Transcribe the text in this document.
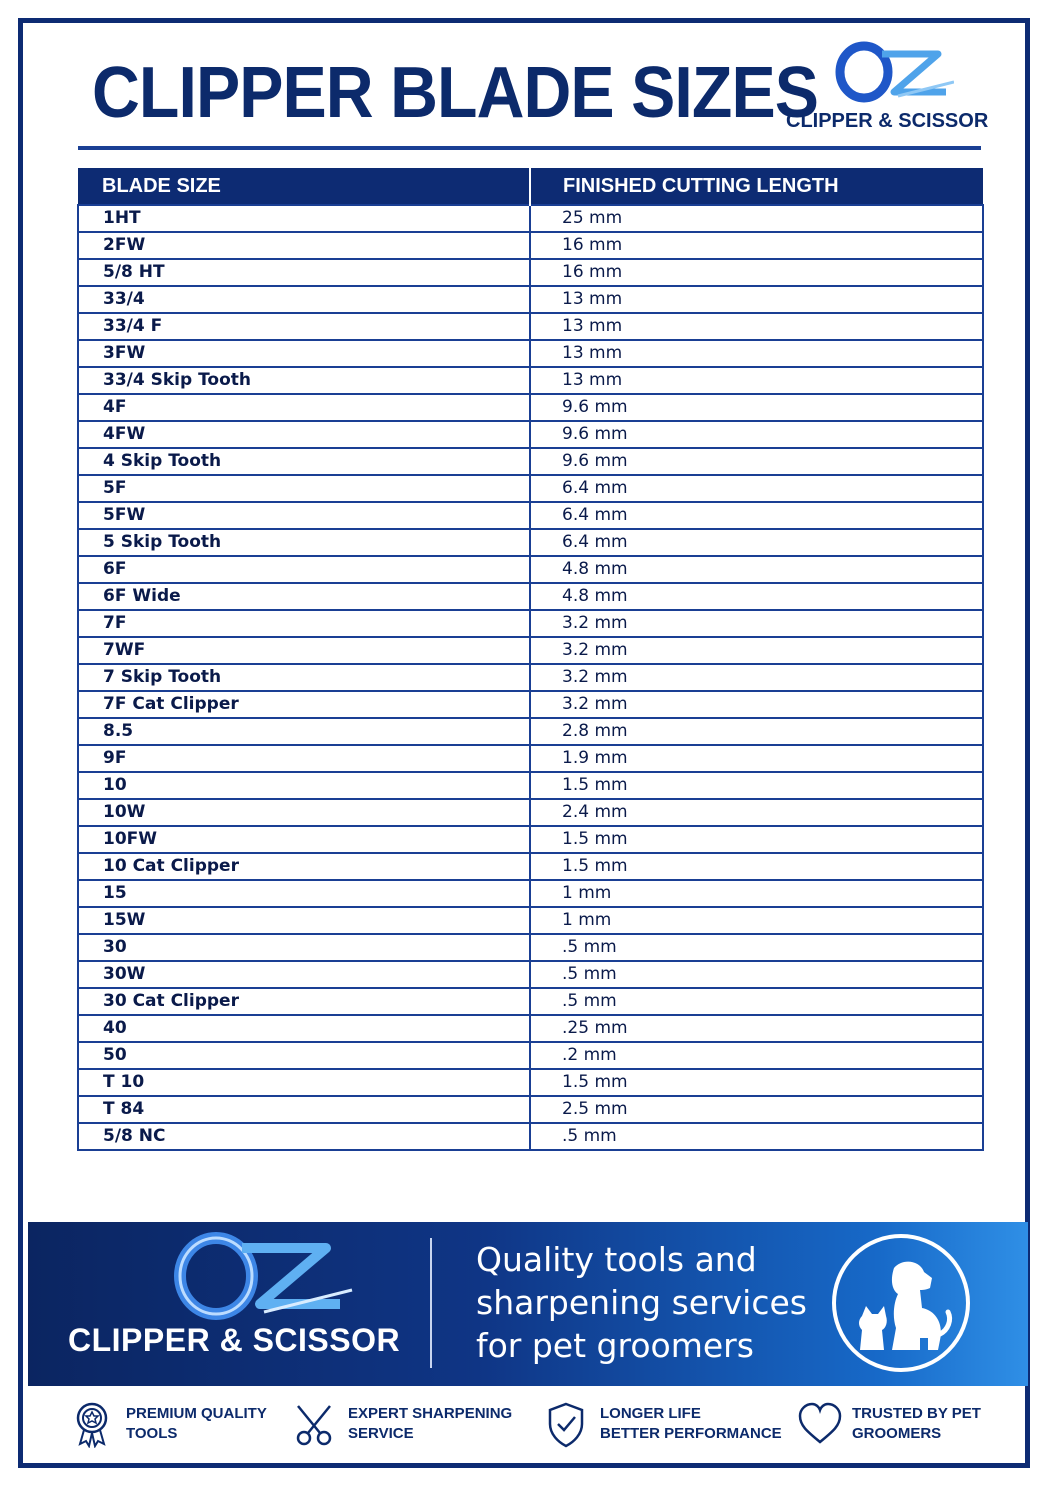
CLIPPER BLADE SIZES
CLIPPER & SCISSOR
BLADE SIZE	FINISHED CUTTING LENGTH
1HT	25 mm
2FW	16 mm
5/8 HT	16 mm
33/4	13 mm
33/4 F	13 mm
3FW	13 mm
33/4 Skip Tooth	13 mm
4F	9.6 mm
4FW	9.6 mm
4 Skip Tooth	9.6 mm
5F	6.4 mm
5FW	6.4 mm
5 Skip Tooth	6.4 mm
6F	4.8 mm
6F Wide	4.8 mm
7F	3.2 mm
7WF	3.2 mm
7 Skip Tooth	3.2 mm
7F Cat Clipper	3.2 mm
8.5	2.8 mm
9F	1.9 mm
10	1.5 mm
10W	2.4 mm
10FW	1.5 mm
10 Cat Clipper	1.5 mm
15	1 mm
15W	1 mm
30	.5 mm
30W	.5 mm
30 Cat Clipper	.5 mm
40	.25 mm
50	.2 mm
T 10	1.5 mm
T 84	2.5 mm
5/8 NC	.5 mm
CLIPPER & SCISSOR
Quality tools and
sharpening services
for pet groomers
PREMIUM QUALITY
TOOLS
EXPERT SHARPENING
SERVICE
LONGER LIFE
BETTER PERFORMANCE
TRUSTED BY PET
GROOMERS
